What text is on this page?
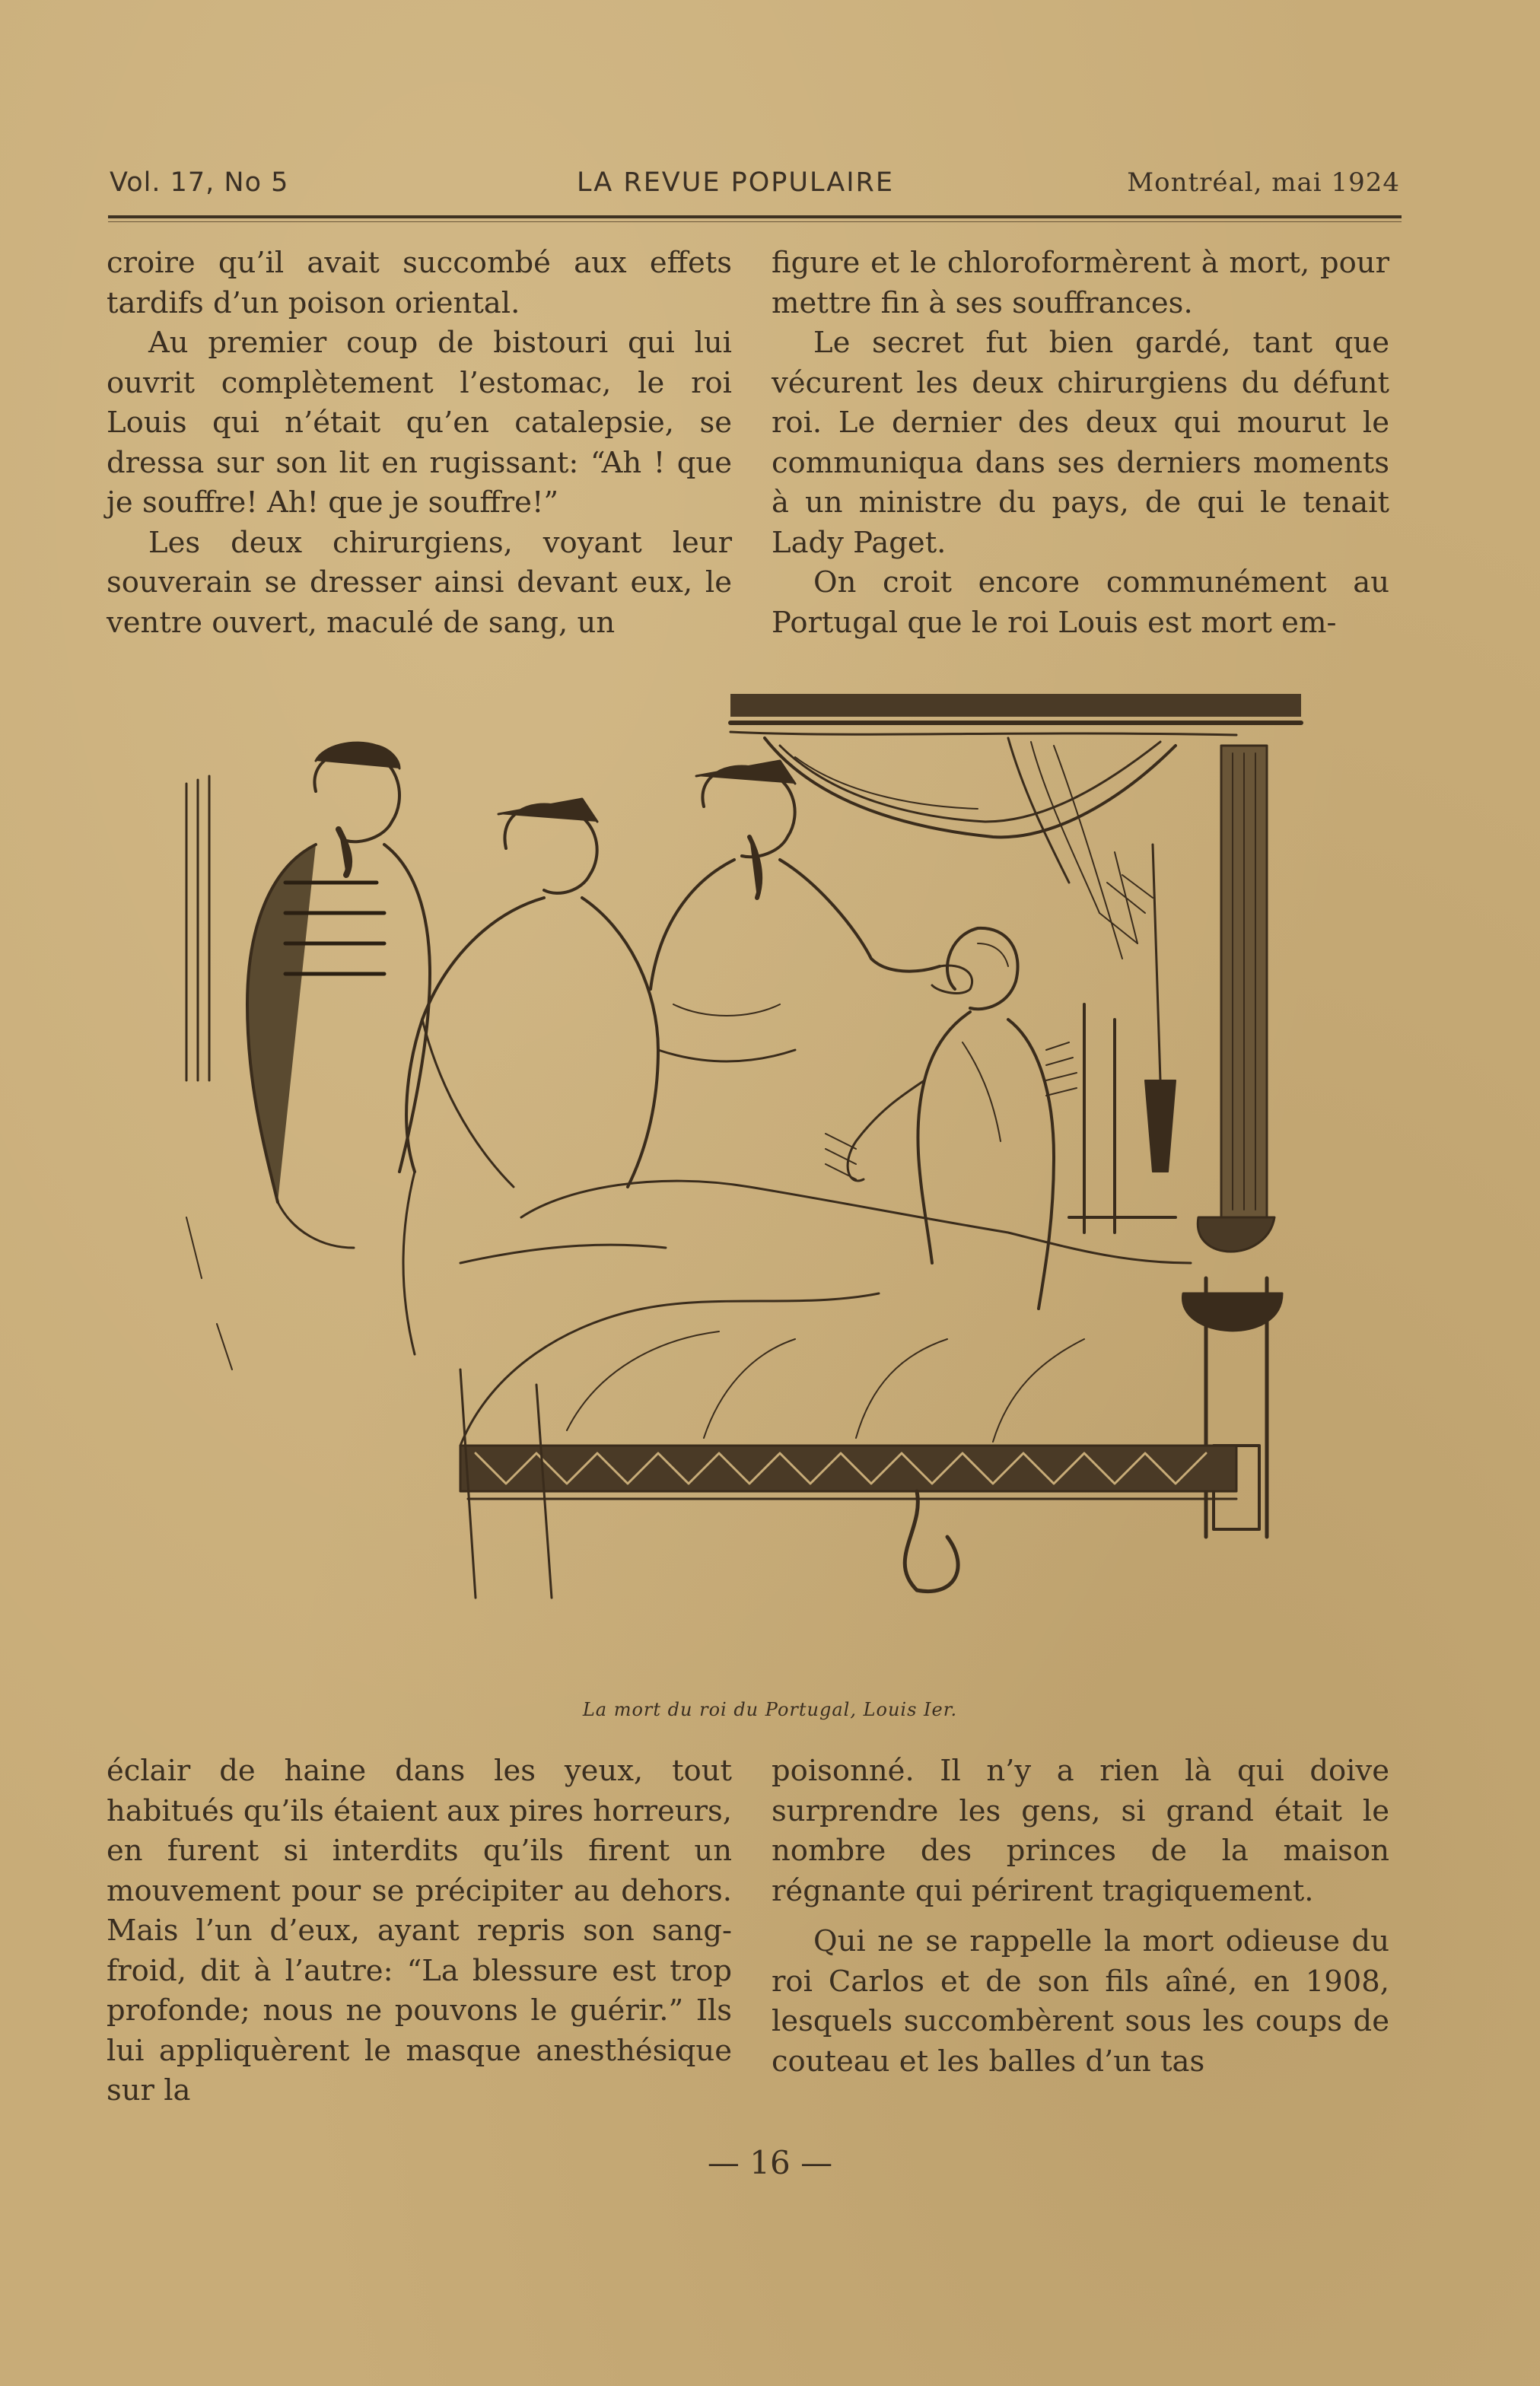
Vol. 17, No 5	LA REVUE POPULAIRE	Montréal, mai 1924

croire qu’il avait succombé aux effets tardifs d’un poison oriental.

Au premier coup de bistouri qui lui ouvrit complètement l’estomac, le roi Louis qui n’était qu’en catalepsie, se dressa sur son lit en rugissant: “Ah ! que je souffre! Ah! que je souffre!”

Les deux chirurgiens, voyant leur souverain se dresser ainsi devant eux, le ventre ouvert, maculé de sang, un

figure et le chloroformèrent à mort, pour mettre fin à ses souffrances.

Le secret fut bien gardé, tant que vécurent les deux chirurgiens du défunt roi. Le dernier des deux qui mourut le communiqua dans ses derniers moments à un ministre du pays, de qui le tenait Lady Paget.

On croit encore communément au Portugal que le roi Louis est mort em-

La mort du roi du Portugal, Louis Ier.

éclair de haine dans les yeux, tout habitués qu’ils étaient aux pires horreurs, en furent si interdits qu’ils firent un mouvement pour se précipiter au dehors. Mais l’un d’eux, ayant repris son sang-froid, dit à l’autre: “La blessure est trop profonde; nous ne pouvons le guérir.” Ils lui appliquèrent le masque anesthésique sur la

poisonné. Il n’y a rien là qui doive surprendre les gens, si grand était le nombre des princes de la maison régnante qui périrent tragiquement.

Qui ne se rappelle la mort odieuse du roi Carlos et de son fils aîné, en 1908, lesquels succombèrent sous les coups de couteau et les balles d’un tas

— 16 —
